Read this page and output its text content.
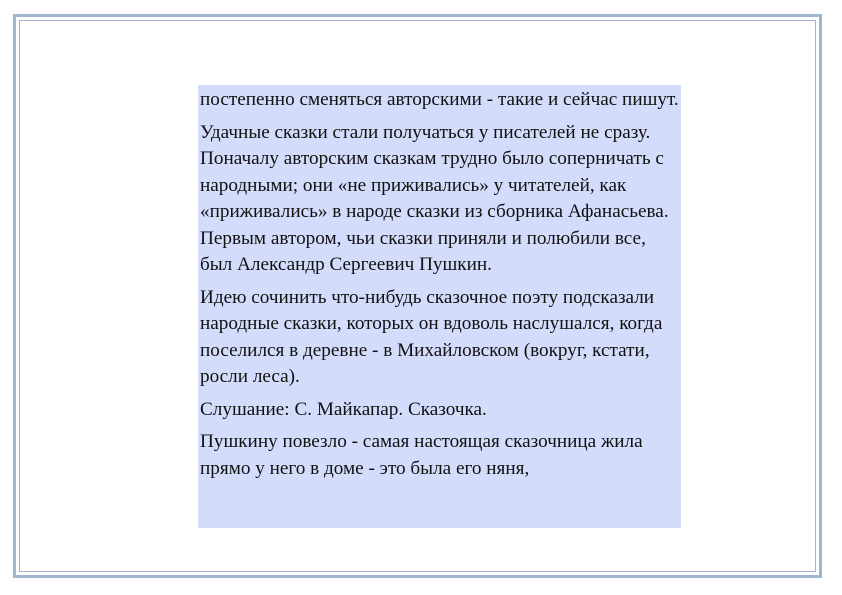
постепенно сменяться авторскими - такие и сейчас пишут.

Удачные сказки стали получаться у писателей не сразу. Поначалу авторским сказкам трудно было соперничать с народными; они «не приживались» у читателей, как «приживались» в народе сказки из сборника Афанасьева. Первым автором, чьи сказки приняли и полюбили все, был Александр Сергеевич Пушкин.

Идею сочинить что-нибудь сказочное поэту подсказали народные сказки, которых он вдоволь наслушался, когда поселился в деревне - в Михайловском (вокруг, кстати, росли леса).

Слушание: С. Майкапар. Сказочка.

Пушкину повезло - самая настоящая сказочница жила прямо у него в доме - это была его няня,
